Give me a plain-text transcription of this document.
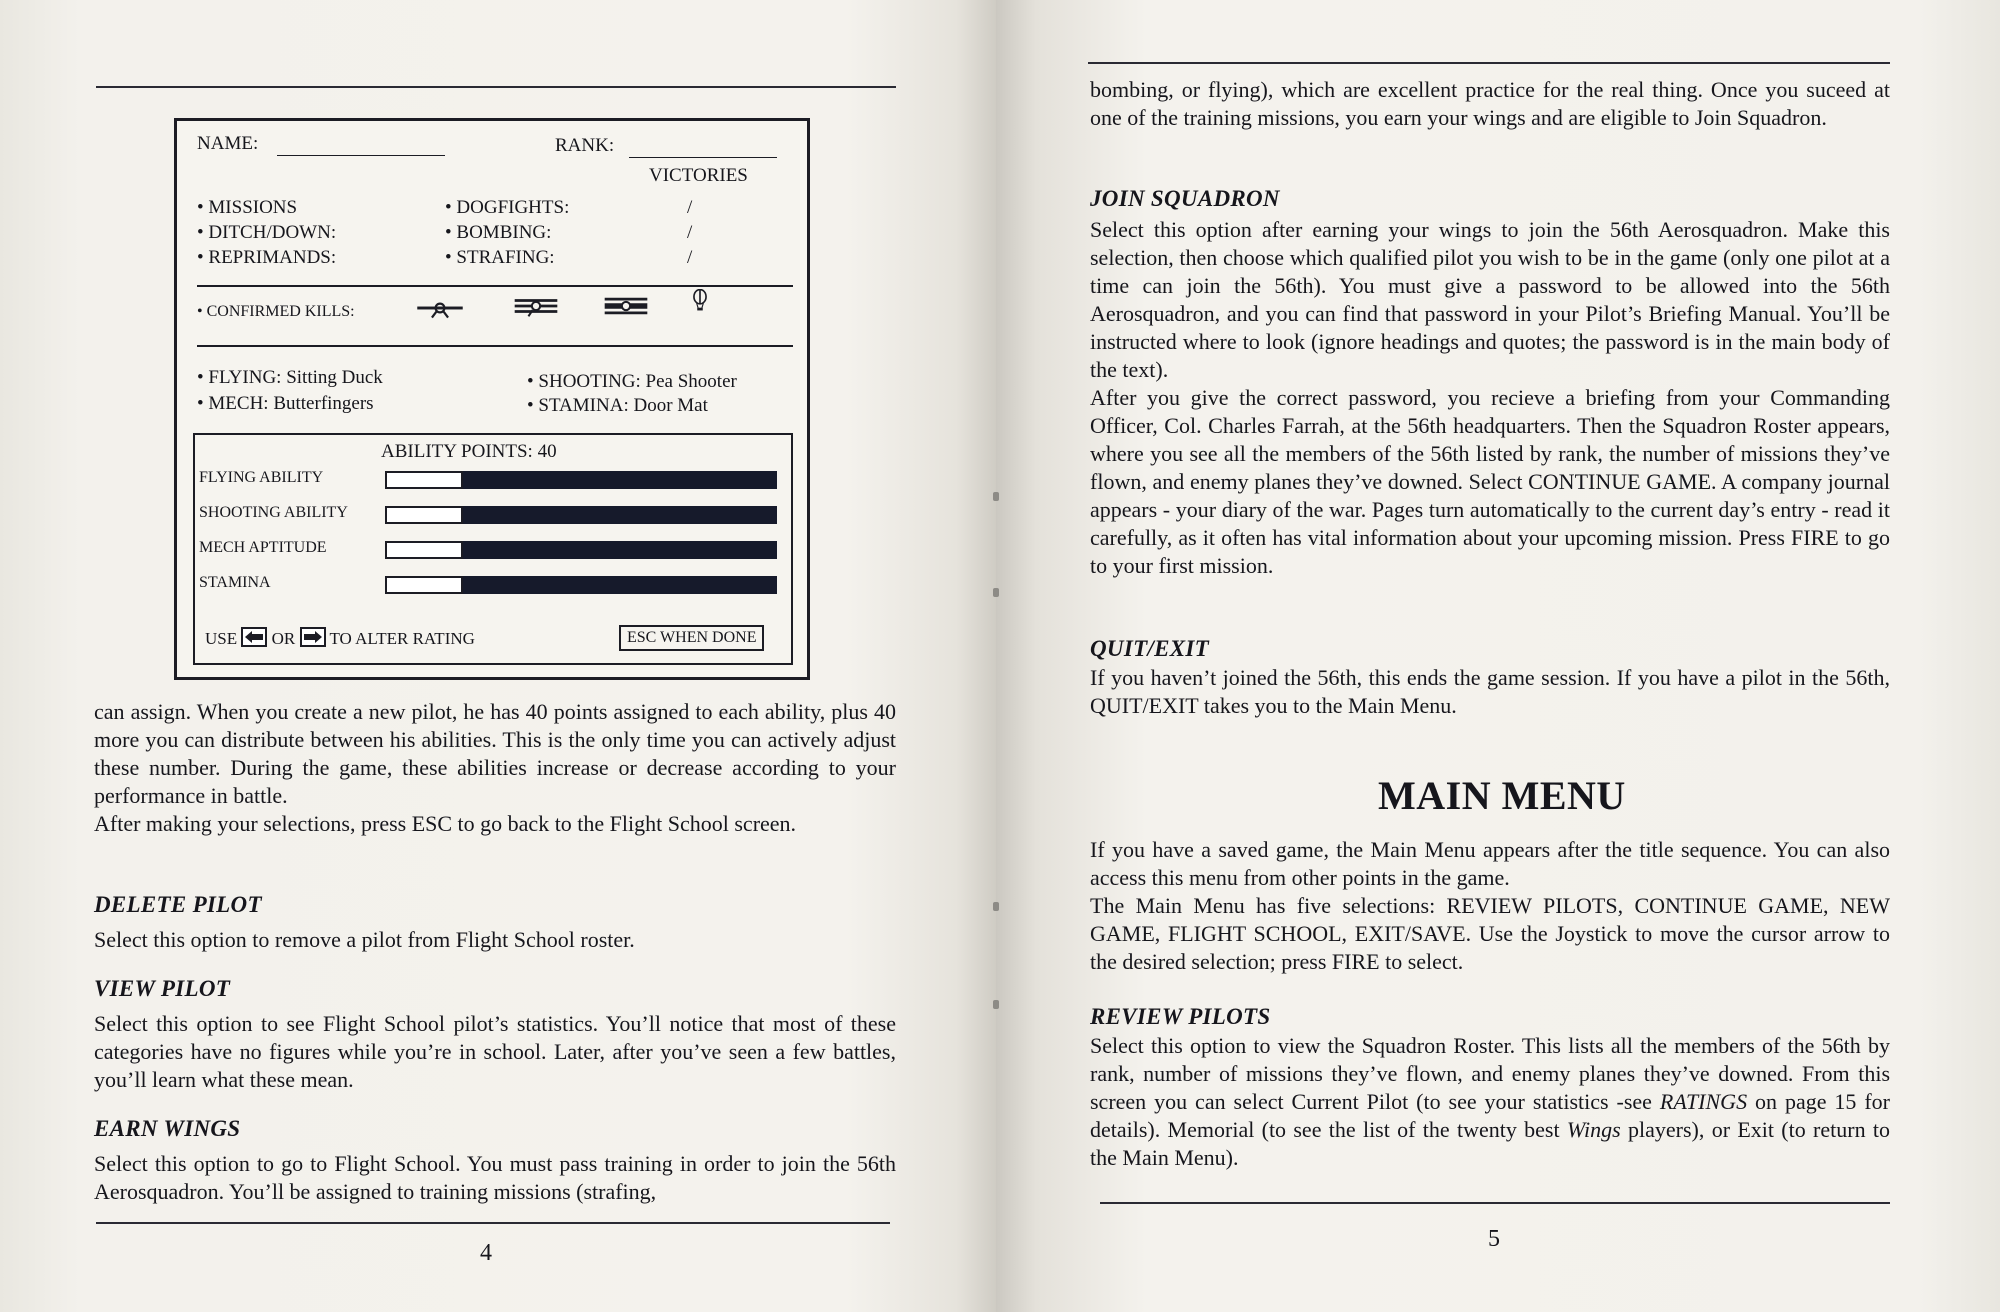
NAME:	RANK:
VICTORIES
• MISSIONS
• DITCH/DOWN:
• REPRIMANDS:
• DOGFIGHTS:
• BOMBING:
• STRAFING:
/
/
/
• CONFIRMED KILLS:
• FLYING: Sitting Duck
• MECH: Butterfingers
• SHOOTING: Pea Shooter
• STAMINA: Door Mat
ABILITY POINTS: 40
FLYING ABILITY
SHOOTING ABILITY
MECH APTITUDE
STAMINA
USE OR TO ALTER RATING	ESC WHEN DONE

can assign. When you create a new pilot, he has 40 points assigned to each ability, plus 40 more you can distribute between his abilities. This is the only time you can actively adjust these number. During the game, these abilities increase or decrease according to your performance in battle.

After making your selections, press ESC to go back to the Flight School screen.

DELETE PILOT
Select this option to remove a pilot from Flight School roster.
VIEW PILOT
Select this option to see Flight School pilot’s statistics. You’ll notice that most of these categories have no figures while you’re in school. Later, after you’ve seen a few battles, you’ll learn what these mean.
EARN WINGS
Select this option to go to Flight School. You must pass training in order to join the 56th Aerosquadron. You’ll be assigned to training missions (strafing,
4
bombing, or flying), which are excellent practice for the real thing. Once you suceed at one of the training missions, you earn your wings and are eligible to Join Squadron.
JOIN SQUADRON

Select this option after earning your wings to join the 56th Aerosquadron. Make this selection, then choose which qualified pilot you wish to be in the game (only one pilot at a time can join the 56th). You must give a password to be allowed into the 56th Aerosquadron, and you can find that password in your Pilot’s Briefing Manual. You’ll be instructed where to look (ignore headings and quotes; the password is in the main body of the text).

After you give the correct password, you recieve a briefing from your Commanding Officer, Col. Charles Farrah, at the 56th headquarters. Then the Squadron Roster appears, where you see all the members of the 56th listed by rank, the number of missions they’ve flown, and enemy planes they’ve downed. Select CONTINUE GAME. A company journal appears - your diary of the war. Pages turn automatically to the current day’s entry - read it carefully, as it often has vital information about your upcoming mission. Press FIRE to go to your first mission.

QUIT/EXIT
If you haven’t joined the 56th, this ends the game session. If you have a pilot in the 56th, QUIT/EXIT takes you to the Main Menu.
MAIN MENU

If you have a saved game, the Main Menu appears after the title sequence. You can also access this menu from other points in the game.

The Main Menu has five selections: REVIEW PILOTS, CONTINUE GAME, NEW GAME, FLIGHT SCHOOL, EXIT/SAVE. Use the Joystick to move the cursor arrow to the desired selection; press FIRE to select.

REVIEW PILOTS
Select this option to view the Squadron Roster. This lists all the members of the 56th by rank, number of missions they’ve flown, and enemy planes they’ve downed. From this screen you can select Current Pilot (to see your statistics -see RATINGS on page 15 for details). Memorial (to see the list of the twenty best Wings players), or Exit (to return to the Main Menu).
5
